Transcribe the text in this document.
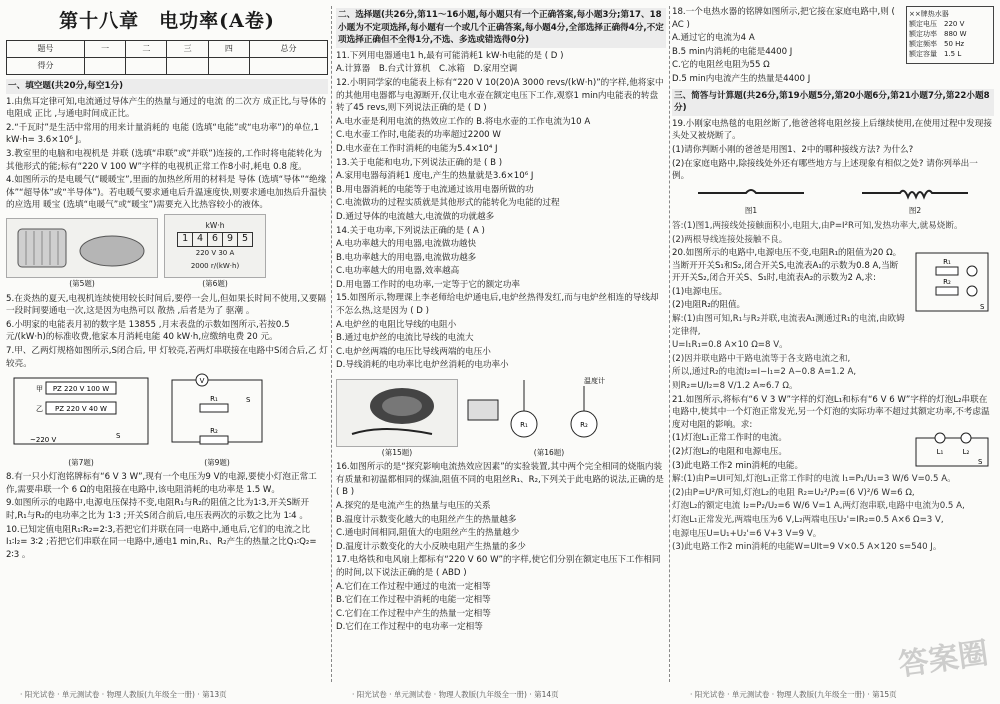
第十八章　电功率(A卷)
题号	一	二	三	四	总分
得分					
一、填空题(共20分,每空1分)
1.由焦耳定律可知,电流通过导体产生的热量与通过的电流 的二次方 成正比,与导体的电阻成 正比 ,与通电时间成正比。
2.“千瓦时”是生活中常用的用来计量消耗的 电能 (选填“电能”或“电功率”)的单位,1 kW·h= 3.6×10⁶ J。
3.教室里的电脑和电视机是 并联 (选填“串联”或“并联”)连接的,工作时将电能转化为其他形式的能;标有“220 V 100 W”字样的电视机正常工作8小时,耗电 0.8 度。
4.如图所示的是电暖气(“暖暖宝”,里面的加热丝所用的材料是 导体 (选填“导体”“绝缘体”“超导体”或“半导体”)。若电暖气要求通电后升温速度快,则要求通电加热后升温快的应选用 暖宝 (选填“电暖气”或“暖宝”)需要充入比热容较小的液体。
(第5题)
kW·h
1 4 6 9 5
220 V 30 A
2000 r/(kW·h)
(第6题)
5.在炎热的夏天,电视机连续使用较长时间后,要停一会儿,但如果长时间不使用,又要隔一段时间要通电一次,这是因为电热可以 散热 ,后者是为了 驱潮 。
6.小明家的电能表月初的数字是 13855 ,月末表盘的示数如图所示,若按0.5元/(kW·h)的标准收费,他家本月消耗电能 40 kW·h,应缴纳电费 20 元。
7.甲、乙两灯规格如图所示,S闭合后, 甲 灯较亮,若两灯串联接在电路中S闭合后,乙 灯较亮。
PZ 220 V 100 W
PZ 220 V 40 W
甲
乙
~220 V	S
(第7题)
V
R₁
R₂
S
(第9题)
8.有一只小灯泡铭牌标有“6 V 3 W”,现有一个电压为9 V的电源,要使小灯泡正常工作,需要串联一个 6 Ω的电阻接在电路中,该电阻消耗的电功率是 1.5 W。
9.如图所示的电路中,电源电压保持不变,电阻R₁与R₂的阻值之比为1∶3,开关S断开时,R₁与R₂的电功率之比为 1∶3 ;开关S闭合前后,电压表两次的示数之比为 1∶4 。
10.已知定值电阻R₁∶R₂=2∶3,若把它们并联在同一电路中,通电后,它们的电流之比I₁∶I₂= 3∶2 ;若把它们串联在同一电路中,通电1 min,R₁、R₂产生的热量之比Q₁∶Q₂= 2∶3 。
二、选择题(共26分,第11～16小题,每小题只有一个正确答案,每小题3分;第17、18小题为不定项选择,每小题有一个或几个正确答案,每小题4分,全部选择正确得4分,不定项选择正确但不全得1分,不选、多选或错选得0分)
11.下列用电器通电1 h,最有可能消耗1 kW·h电能的是 ( D )
A.计算器　B.台式计算机　C.冰箱　D.家用空调
12.小明同学家的电能表上标有“220 V 10(20)A 3000 revs/(kW·h)”的字样,他将家中的其他用电器都与电源断开,仅让电水壶在额定电压下工作,观察1 min内电能表的转盘转了45 revs,则下列说法正确的是 ( D )
A.电水壶是利用电流的热效应工作的 B.将电水壶的工作电流为10 A
C.电水壶工作时,电能表的功率超过2200 W
D.电水壶在工作时消耗的电能为5.4×10⁴ J
13.关于电能和电功,下列说法正确的是 ( B )
A.家用电器每消耗1 度电,产生的热量就是3.6×10⁶ J
B.用电器消耗的电能等于电流通过该用电器所做的功
C.电流做功的过程实质就是其他形式的能转化为电能的过程
D.通过导体的电流越大,电流做的功就越多
14.关于电功率,下列说法正确的是 ( A )
A.电功率越大的用电器,电流做功越快
B.电功率越大的用电器,电流做功越多
C.电功率越大的用电器,效率越高
D.用电器工作时的电功率,一定等于它的额定功率
15.如图所示,物理课上李老师给电炉通电后,电炉丝热得发红,而与电炉丝相连的导线却不怎么热,这是因为 ( D )
A.电炉丝的电阻比导线的电阻小
B.通过电炉丝的电流比导线的电流大
C.电炉丝两端的电压比导线两端的电压小
D.导线消耗的电功率比电炉丝消耗的电功率小
(第15题)
温度计
R₁	R₂
(第16题)
16.如图所示的是“探究影响电流热效应因素”的实验装置,其中两个完全相同的烧瓶内装有质量和初温都相同的煤油,阻值不同的电阻丝R₁、R₂,下列关于此电路的说法,正确的是 ( B )
A.探究的是电流产生的热量与电压的关系
B.温度计示数变化越大的电阻丝产生的热量越多
C.通电时间相同,阻值大的电阻丝产生的热量越少
D.温度计示数变化的大小反映电阻产生热量的多少
17.电烙铁和电风扇上都标有“220 V 60 W”的字样,使它们分别在额定电压下工作相同的时间,以下说法正确的是 ( ABD )
A.它们在工作过程中通过的电流一定相等
B.它们在工作过程中消耗的电能一定相等
C.它们在工作过程中产生的热量一定相等
D.它们在工作过程中的电功率一定相等
18.一个电热水器的铭牌如图所示,把它接在家庭电路中,则 ( AC )
A.通过它的电流为4 A
B.5 min内消耗的电能是4400 J
C.它的电阻丝电阻为55 Ω
D.5 min内电流产生的热量是4400 J
××牌热水器
额定电压　220 V
额定功率　880 W
额定频率　50 Hz
额定容量　1.5 L
三、简答与计算题(共26分,第19小题5分,第20小题6分,第21小题7分,第22小题8分)
19.小刚家电热毯的电阻丝断了,他爸爸将电阻丝接上后继续使用,在使用过程中发现接头处又被烧断了。
(1)请你判断小刚的爸爸是用图1、2中的哪种接线方法? 为什么?
(2)在家庭电路中,除接线处外还有哪些地方与上述现象有相似之处? 请你列举出一例。
图1	图2
答:(1)图1,两接线处接触面积小,电阻大,由P=I²R可知,发热功率大,就易烧断。
(2)两根导线连接处接触不良。
20.如图所示的电路中,电源电压不变,电阻R₁的阻值为20 Ω。当断开开关S₁和S₂,闭合开关S,电流表A₁的示数为0.8 A,当断开开关S₂,闭合开关S、S₁时,电流表A₂的示数为2 A,求:
(1)电源电压。
(2)电阻R₂的阻值。
解:(1)由图可知,R₁与R₂并联,电流表A₁测通过R₁的电流,由欧姆定律得,
U=I₁R₁=0.8 A×10 Ω=8 V。
R₁
R₂
S
(2)因并联电路中干路电流等于各支路电流之和,
所以,通过R₂的电流I₂=I−I₁=2 A−0.8 A=1.2 A,
则R₂=U/I₂=8 V/1.2 A≈6.7 Ω。
21.如图所示,将标有“6 V 3 W”字样的灯泡L₁和标有“6 V 6 W”字样的灯泡L₂串联在电路中,使其中一个灯泡正常发光,另一个灯泡的实际功率不超过其额定功率,不考虑温度对电阻的影响。求:
(1)灯泡L₁正常工作时的电流。
(2)灯泡L₂的电阻和电源电压。
(3)此电路工作2 min消耗的电能。
L₁	L₂
S
解:(1)由P=UI可知,灯泡L₁正常工作时的电流 I₁=P₁/U₁=3 W/6 V=0.5 A。
(2)由P=U²/R可知,灯泡L₂的电阻 R₂=U₂²/P₂=(6 V)²/6 W=6 Ω,
灯泡L₂的额定电流 I₂=P₂/U₂=6 W/6 V=1 A,两灯泡串联,电路中电流为0.5 A,
灯泡L₁正常发光,两端电压为6 V,L₂两端电压U₂'=IR₂=0.5 A×6 Ω=3 V,
电源电压U=U₁+U₂'=6 V+3 V=9 V。
(3)此电路工作2 min消耗的电能W=UIt=9 V×0.5 A×120 s=540 J。
答案圈
· 阳光试卷 · 单元测试卷 · 物理人教版(九年级全一册) · 第13页	· 阳光试卷 · 单元测试卷 · 物理人教版(九年级全一册) · 第14页	· 阳光试卷 · 单元测试卷 · 物理人教版(九年级全一册) · 第15页
